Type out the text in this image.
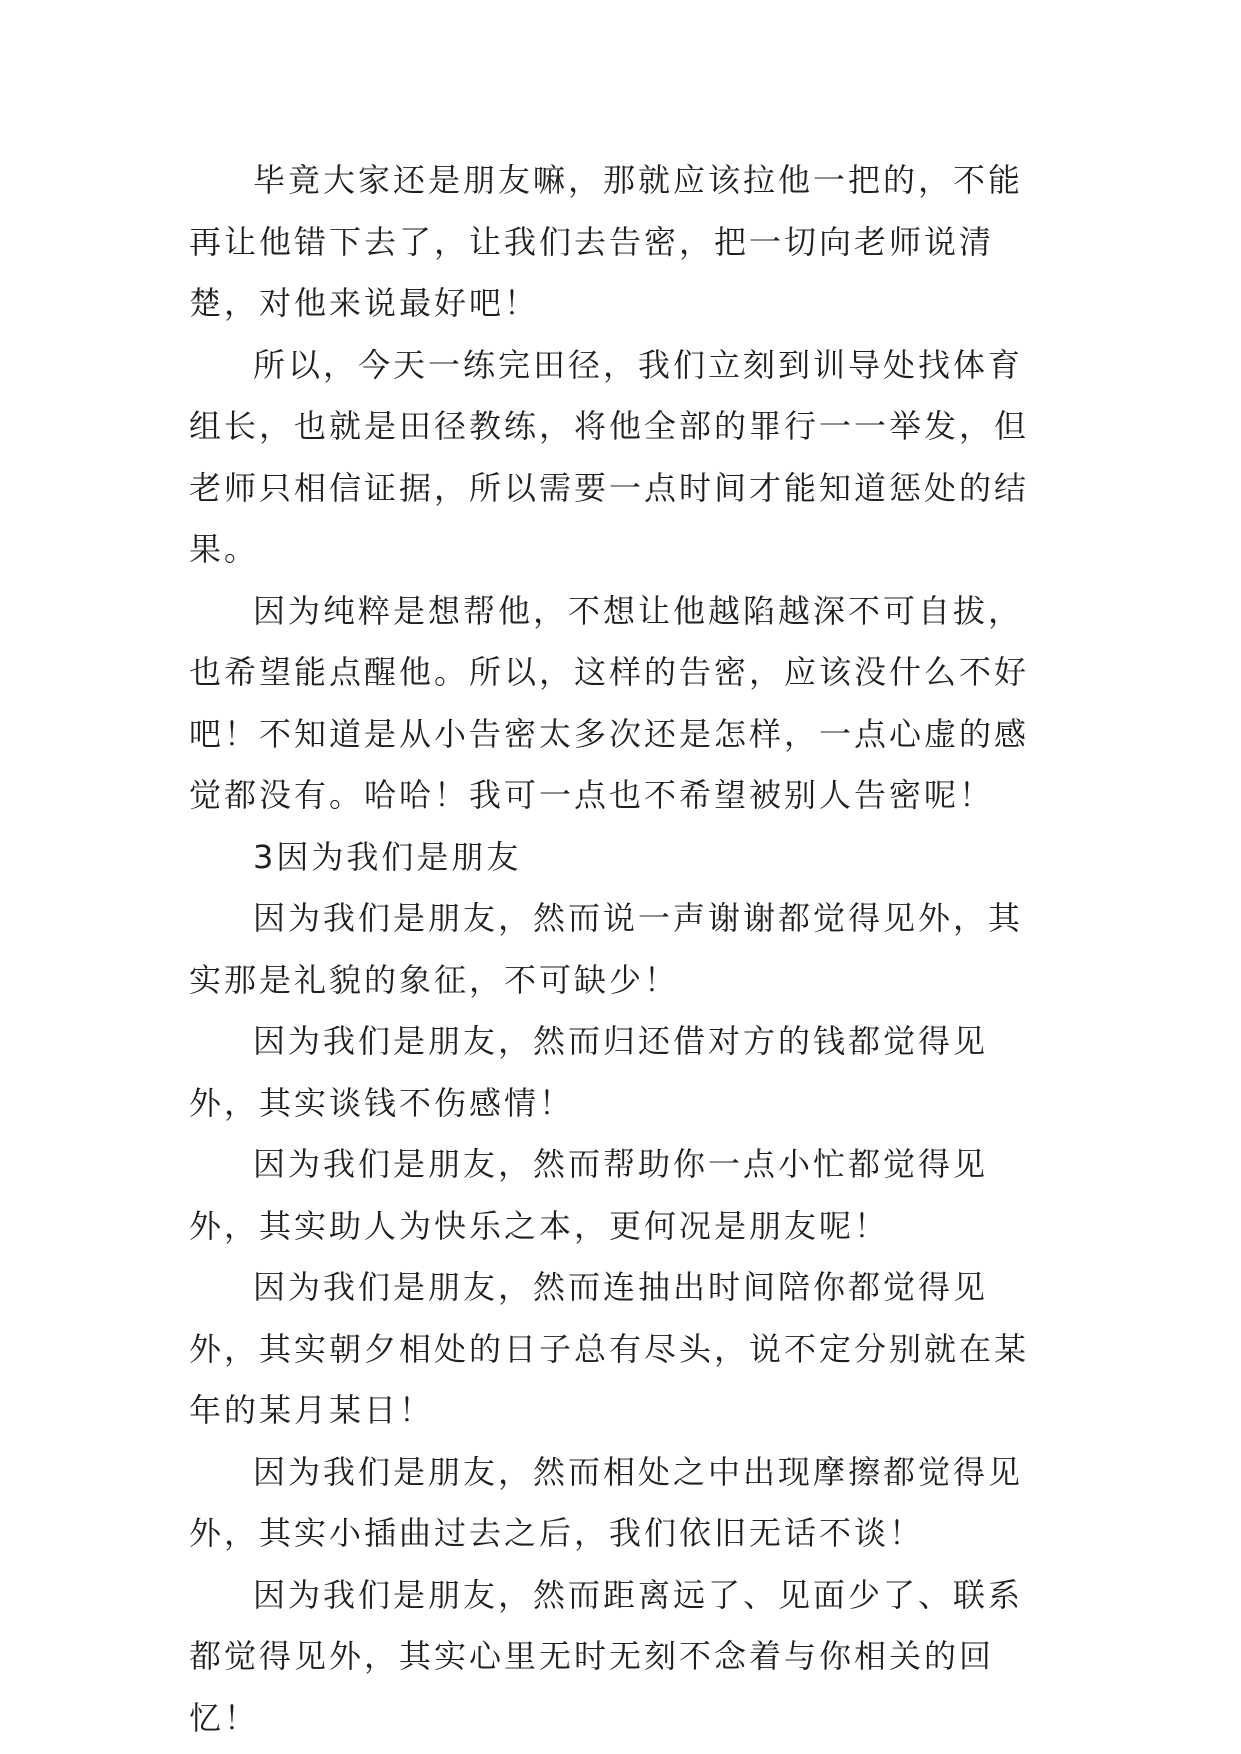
毕竟大家还是朋友嘛，那就应该拉他一把的，不能再让他错下去了，让我们去告密，把一切向老师说清楚，对他来说最好吧！

所以，今天一练完田径，我们立刻到训导处找体育组长，也就是田径教练，将他全部的罪行一一举发，但老师只相信证据，所以需要一点时间才能知道惩处的结果。

因为纯粹是想帮他，不想让他越陷越深不可自拔，也希望能点醒他。所以，这样的告密，应该没什么不好吧！不知道是从小告密太多次还是怎样，一点心虚的感觉都没有。哈哈！我可一点也不希望被别人告密呢！

3因为我们是朋友

因为我们是朋友，然而说一声谢谢都觉得见外，其实那是礼貌的象征，不可缺少！

因为我们是朋友，然而归还借对方的钱都觉得见外，其实谈钱不伤感情！

因为我们是朋友，然而帮助你一点小忙都觉得见外，其实助人为快乐之本，更何况是朋友呢！

因为我们是朋友，然而连抽出时间陪你都觉得见外，其实朝夕相处的日子总有尽头，说不定分别就在某年的某月某日！

因为我们是朋友，然而相处之中出现摩擦都觉得见外，其实小插曲过去之后，我们依旧无话不谈！

因为我们是朋友，然而距离远了、见面少了、联系都觉得见外，其实心里无时无刻不念着与你相关的回忆！
